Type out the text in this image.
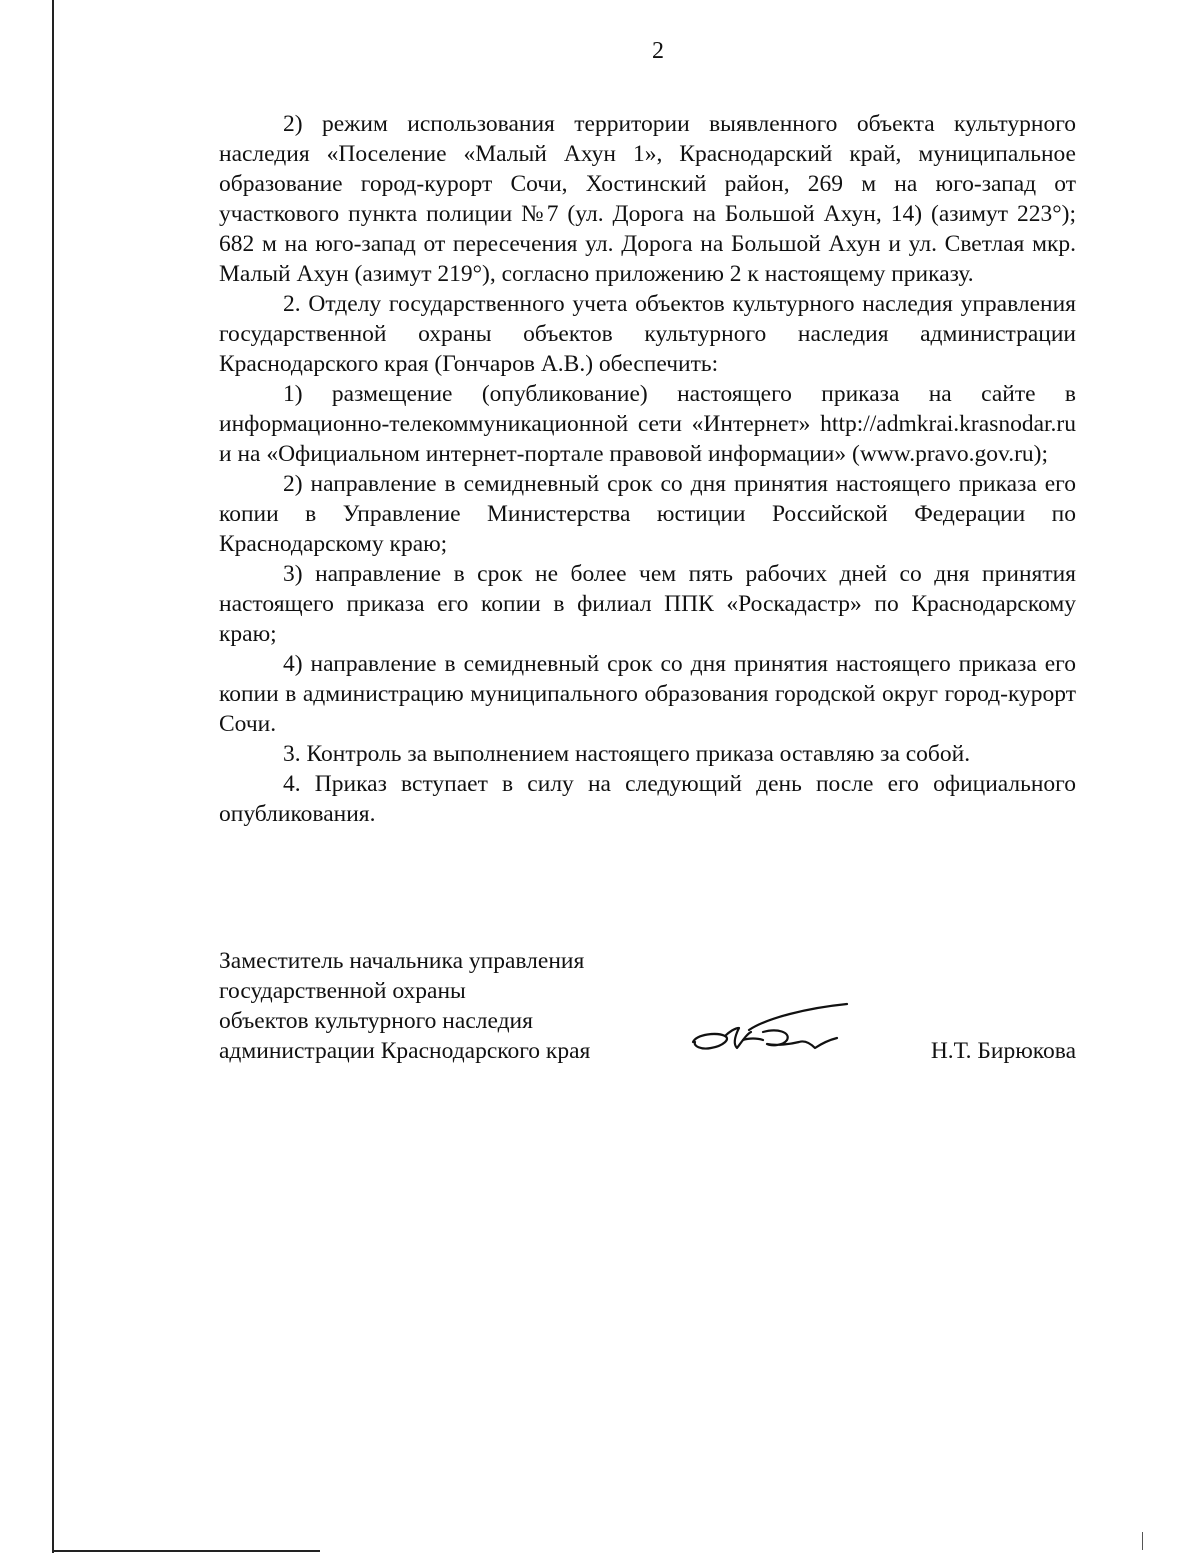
2

2) режим использования территории выявленного объекта культурного наследия «Поселение «Малый Ахун 1», Краснодарский край, муниципальное образование город-курорт Сочи, Хостинский район, 269 м на юго-запад от участкового пункта полиции №7 (ул. Дорога на Большой Ахун, 14) (азимут 223°); 682 м на юго-запад от пересечения ул. Дорога на Большой Ахун и ул. Светлая мкр. Малый Ахун (азимут 219°), согласно приложению 2 к настоящему приказу.

2. Отделу государственного учета объектов культурного наследия управления государственной охраны объектов культурного наследия администрации Краснодарского края (Гончаров А.В.) обеспечить:

1) размещение (опубликование) настоящего приказа на сайте в информационно-телекоммуникационной сети «Интернет» http://admkrai.krasnodar.ru и на «Официальном интернет-портале правовой информации» (www.pravo.gov.ru);

2) направление в семидневный срок со дня принятия настоящего приказа его копии в Управление Министерства юстиции Российской Федерации по Краснодарскому краю;

3) направление в срок не более чем пять рабочих дней со дня принятия настоящего приказа его копии в филиал ППК «Роскадастр» по Краснодарскому краю;

4) направление в семидневный срок со дня принятия настоящего приказа его копии в администрацию муниципального образования городской округ город-курорт Сочи.

3. Контроль за выполнением настоящего приказа оставляю за собой.

4. Приказ вступает в силу на следующий день после его официального опубликования.

Заместитель начальника управления
государственной охраны
объектов культурного наследия
администрации Краснодарского края	Н.Т. Бирюкова
